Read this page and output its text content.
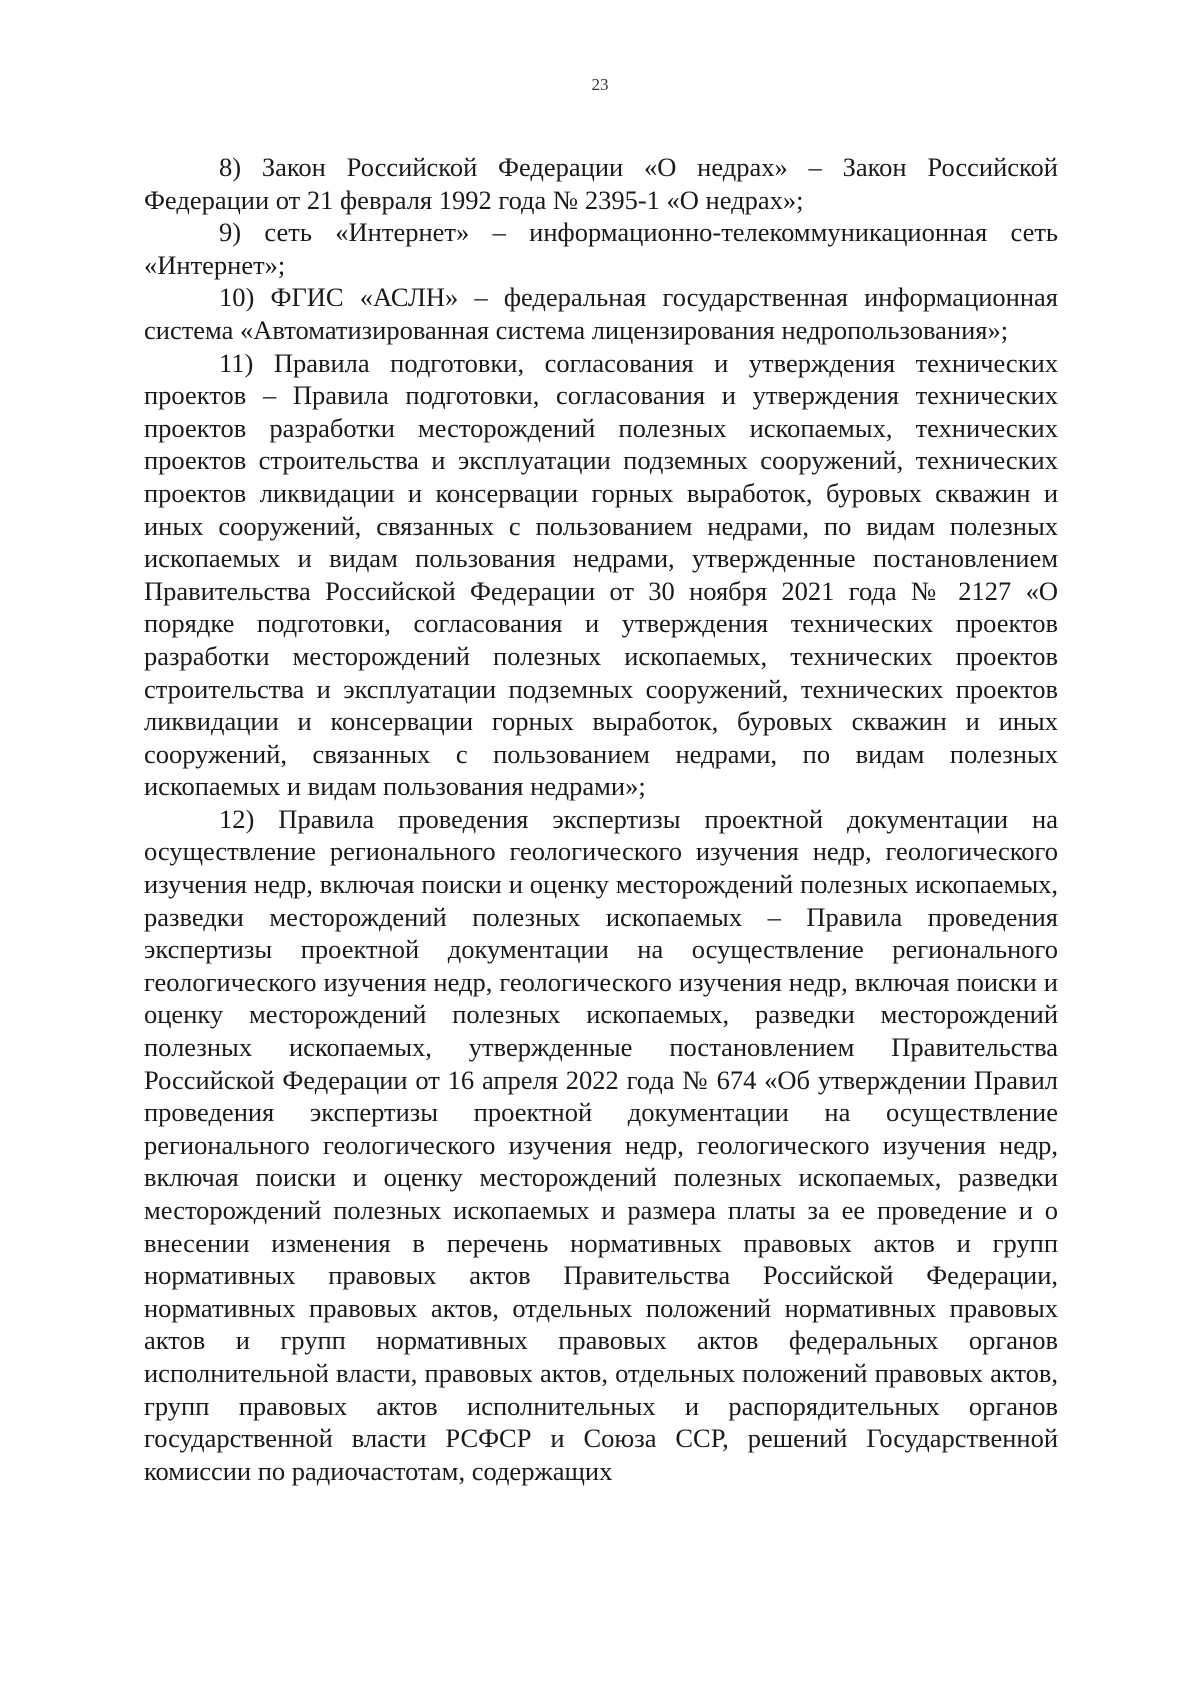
23

8) Закон Российской Федерации «О недрах» – Закон Российской Федерации от 21 февраля 1992 года № 2395-1 «О недрах»;

9) сеть «Интернет» – информационно-телекоммуникационная сеть «Интернет»;

10) ФГИС «АСЛН» – федеральная государственная информационная система «Автоматизированная система лицензирования недропользования»;

11) Правила подготовки, согласования и утверждения технических проектов – Правила подготовки, согласования и утверждения технических проектов разработки месторождений полезных ископаемых, технических проектов строительства и эксплуатации подземных сооружений, технических проектов ликвидации и консервации горных выработок, буровых скважин и иных сооружений, связанных с пользованием недрами, по видам полезных ископаемых и видам пользования недрами, утвержденные постановлением Правительства Российской Федерации от 30 ноября 2021 года № 2127 «О порядке подготовки, согласования и утверждения технических проектов разработки месторождений полезных ископаемых, технических проектов строительства и эксплуатации подземных сооружений, технических проектов ликвидации и консервации горных выработок, буровых скважин и иных сооружений, связанных с пользованием недрами, по видам полезных ископаемых и видам пользования недрами»;

12) Правила проведения экспертизы проектной документации на осуществление регионального геологического изучения недр, геологического изучения недр, включая поиски и оценку месторождений полезных ископаемых, разведки месторождений полезных ископаемых – Правила проведения экспертизы проектной документации на осуществление регионального геологического изучения недр, геологического изучения недр, включая поиски и оценку месторождений полезных ископаемых, разведки месторождений полезных ископаемых, утвержденные постановлением Правительства Российской Федерации от 16 апреля 2022 года № 674 «Об утверждении Правил проведения экспертизы проектной документации на осуществление регионального геологического изучения недр, геологического изучения недр, включая поиски и оценку месторождений полезных ископаемых, разведки месторождений полезных ископаемых и размера платы за ее проведение и о внесении изменения в перечень нормативных правовых актов и групп нормативных правовых актов Правительства Российской Федерации, нормативных правовых актов, отдельных положений нормативных правовых актов и групп нормативных правовых актов федеральных органов исполнительной власти, правовых актов, отдельных положений правовых актов, групп правовых актов исполнительных и распорядительных органов государственной власти РСФСР и Союза ССР, решений Государственной комиссии по радиочастотам, содержащих
